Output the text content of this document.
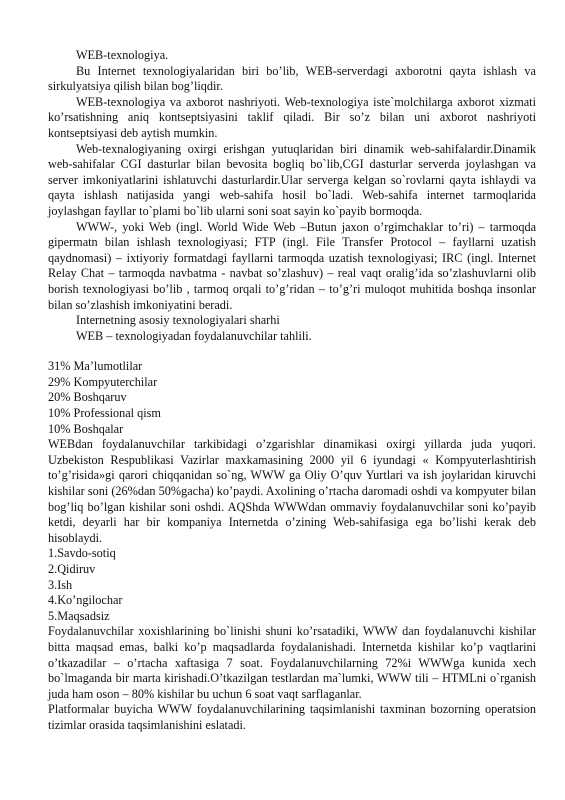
WEB-texnologiya.

Bu Internet texnologiyalaridan biri bo’lib, WEB-serverdagi axborotni qayta ishlash va sirkulyatsiya qilish bilan bog’liqdir.

WEB-texnologiya va axborot nashriyoti. Web-texnologiya iste`molchilarga axborot xizmati ko’rsatishning aniq kontseptsiyasini taklif qiladi. Bir so’z bilan uni axborot nashriyoti kontseptsiyasi deb aytish mumkin.

Web-texnalogiyaning oxirgi erishgan yutuqlaridan biri dinamik web-sahifalardir.Dinamik web-sahifalar CGI dasturlar bilan bevosita bogliq bo`lib,CGI dasturlar serverda joylashgan va server imkoniyatlarini ishlatuvchi dasturlardir.Ular serverga kelgan so`rovlarni qayta ishlaydi va qayta ishlash natijasida yangi web-sahifa hosil bo`ladi. Web-sahifa internet tarmoqlarida joylashgan fayllar to`plami bo`lib ularni soni soat sayin ko`payib bormoqda.

WWW-, yoki Web (ingl. World Wide Web –Butun jaxon o’rgimchaklar to’ri) – tarmoqda gipermatn bilan ishlash texnologiyasi; FTP (ingl. File Transfer Protocol – fayllarni uzatish qaydnomasi) – ixtiyoriy formatdagi fayllarni tarmoqda uzatish texnologiyasi; IRC (ingl. Internet Relay Chat – tarmoqda navbatma - navbat so’zlashuv) – real vaqt oralig’ida so’zlashuvlarni olib borish texnologiyasi bo’lib , tarmoq orqali to’g’ridan – to’g’ri muloqot muhitida boshqa insonlar bilan so’zlashish imkoniyatini beradi.

Internetning asosiy texnologiyalari sharhi

WEB – texnologiyadan foydalanuvchilar tahlili.

31% Ma’lumotlilar

29% Kompyuterchilar

20% Boshqaruv

10% Professional qism

10% Boshqalar

WEBdan foydalanuvchilar tarkibidagi o’zgarishlar dinamikasi oxirgi yillarda juda yuqori. Uzbekiston Respublikasi Vazirlar maxkamasining 2000 yil 6 iyundagi « Kompyuterlashtirish to’g’risida»gi qarori chiqqanidan so`ng, WWW ga Oliy O’quv Yurtlari va ish joylaridan kiruvchi kishilar soni (26%dan 50%gacha) ko’paydi. Axolining o’rtacha daromadi oshdi va kompyuter bilan bog’liq bo’lgan kishilar soni oshdi. AQShda WWWdan ommaviy foydalanuvchilar soni ko’payib ketdi, deyarli har bir kompaniya Internetda o’zining Web-sahifasiga ega bo’lishi kerak deb hisoblaydi.

1.Savdo-sotiq

2.Qidiruv

3.Ish

4.Ko’ngilochar

5.Maqsadsiz

Foydalanuvchilar xoxishlarining bo`linishi shuni ko’rsatadiki, WWW dan foydalanuvchi kishilar bitta maqsad emas, balki ko’p maqsadlarda foydalanishadi. Internetda kishilar ko’p vaqtlarini o’tkazadilar – o’rtacha xaftasiga 7 soat. Foydalanuvchilarning 72%i WWWga kunida xech bo`lmaganda bir marta kirishadi.O’tkazilgan testlardan ma`lumki, WWW tili – HTMLni o`rganish juda ham oson – 80% kishilar bu uchun 6 soat vaqt sarflaganlar.

Platformalar buyicha WWW foydalanuvchilarining taqsimlanishi taxminan bozorning operatsion tizimlar orasida taqsimlanishini eslatadi.
